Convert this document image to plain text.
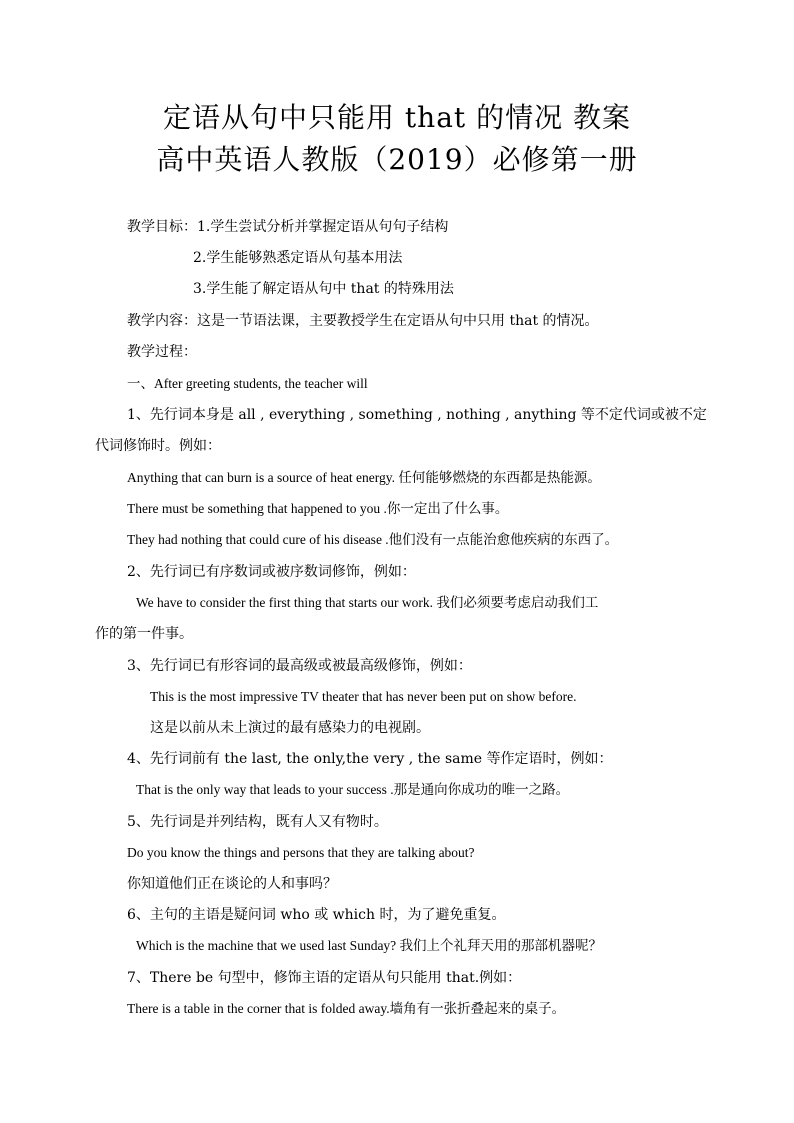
定语从句中只能用 that 的情况 教案
高中英语人教版（2019）必修第一册
教学目标：1.学生尝试分析并掌握定语从句句子结构
2.学生能够熟悉定语从句基本用法
3.学生能了解定语从句中 that 的特殊用法
教学内容：这是一节语法课，主要教授学生在定语从句中只用 that 的情况。
教学过程：
一、After greeting students, the teacher will
1、先行词本身是 all , everything , something , nothing , anything 等不定代词或被不定
代词修饰时。例如：
Anything that can burn is a source of heat energy. 任何能够燃烧的东西都是热能源。
There must be something that happened to you .你一定出了什么事。
They had nothing that could cure of his disease .他们没有一点能治愈他疾病的东西了。
2、先行词已有序数词或被序数词修饰，例如：
We have to consider the first thing that starts our work. 我们必须要考虑启动我们工
作的第一件事。
3、先行词已有形容词的最高级或被最高级修饰，例如：
This is the most impressive TV theater that has never been put on show before.
这是以前从未上演过的最有感染力的电视剧。
4、先行词前有 the last, the only,the very , the same 等作定语时，例如：
That is the only way that leads to your success .那是通向你成功的唯一之路。
5、先行词是并列结构，既有人又有物时。
Do you know the things and persons that they are talking about?
你知道他们正在谈论的人和事吗？
6、主句的主语是疑问词 who 或 which 时，为了避免重复。
Which is the machine that we used last Sunday? 我们上个礼拜天用的那部机器呢？
7、There be 句型中，修饰主语的定语从句只能用 that.例如：
There is a table in the corner that is folded away.墙角有一张折叠起来的桌子。
